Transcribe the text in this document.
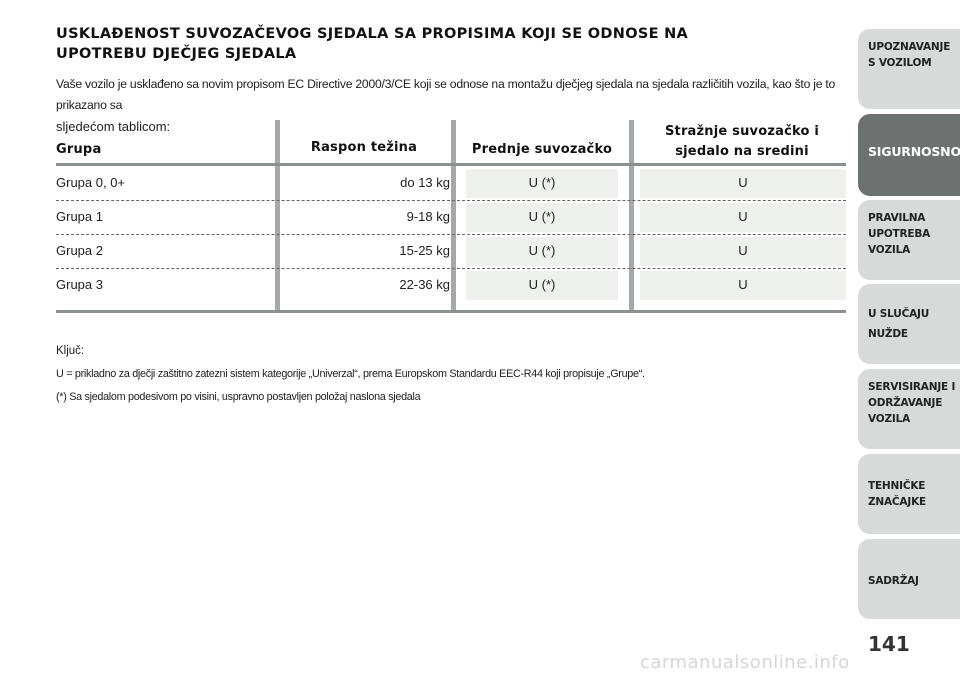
USKLAĐENOST SUVOZAČEVOG SJEDALA SA PROPISIMA KOJI SE ODNOSE NA
UPOTREBU DJEČJEG SJEDALA
Vaše vozilo je usklađeno sa novim propisom EC Directive 2000/3/CE koji se odnose na montažu dječjeg sjedala na sjedala različitih vozila, kao što je to prikazano sa
sljedećom tablicom:
Grupa	Raspon težina	Prednje suvozačko
Stražnje suvozačko i
sjedalo na sredini
Grupa 0, 0+	do 13 kg	U (*)	U
Grupa 1	9-18 kg	U (*)	U
Grupa 2	15-25 kg	U (*)	U
Grupa 3	22-36 kg	U (*)	U
Ključ:
U = prikladno za dječji zaštitno zatezni sistem kategorije „Univerzal“, prema Europskom Standardu EEC-R44 koji propisuje „Grupe“.
(*) Sa sjedalom podesivom po visini, uspravno postavljen položaj naslona sjedala
UPOZNAVANJE
S VOZILOM
SIGURNOSNOST
PRAVILNA
UPOTREBA
VOZILA
U SLUČAJU
NUŽDE
SERVISIRANJE I
ODRŽAVANJE
VOZILA
TEHNIČKE
ZNAČAJKE
SADRŽAJ
141
carmanualsonline.info
